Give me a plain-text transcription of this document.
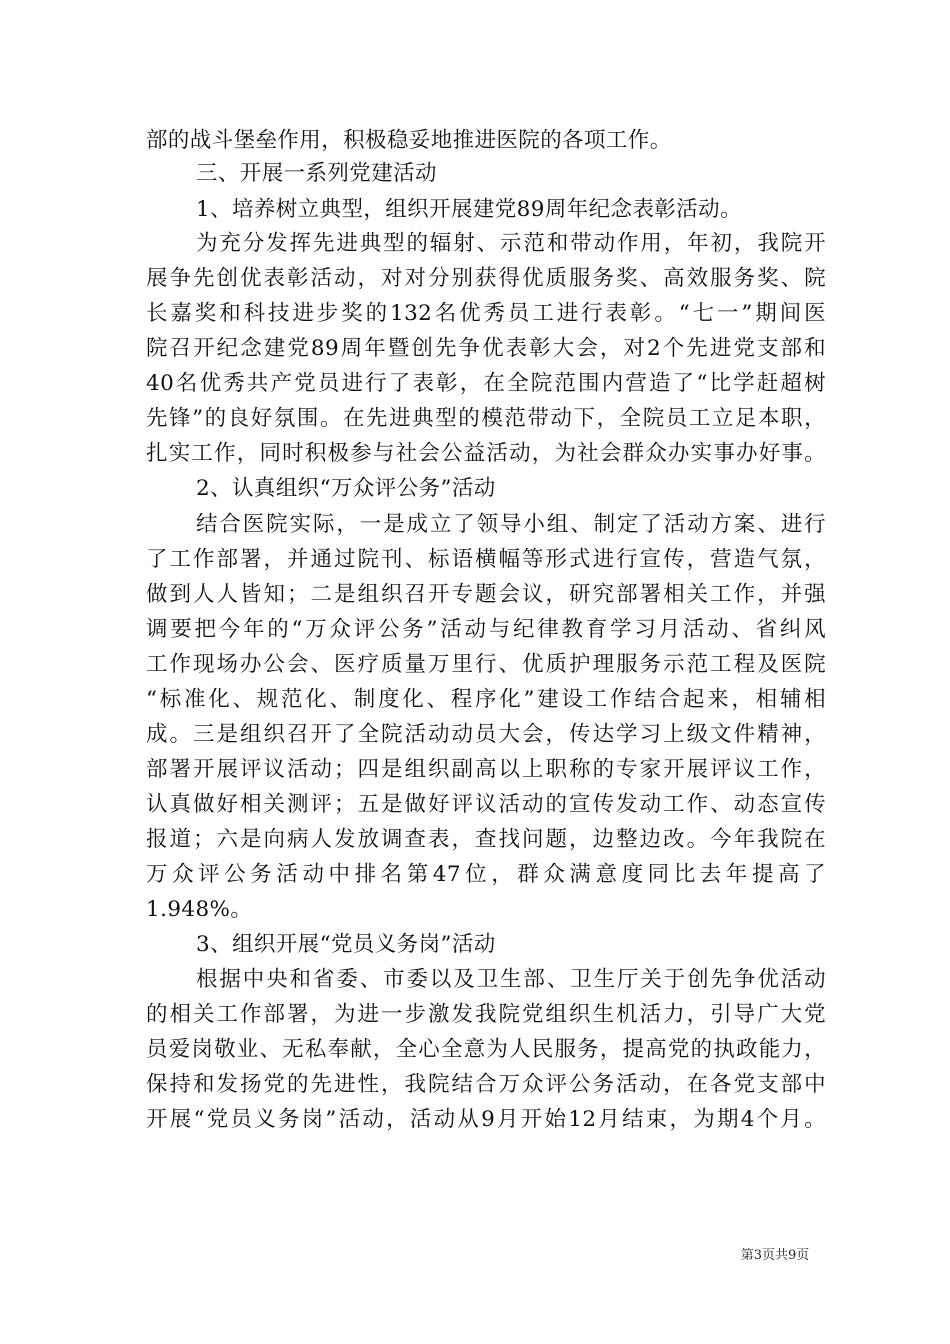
部的战斗堡垒作用，积极稳妥地推进医院的各项工作。
三、开展一系列党建活动
1、培养树立典型，组织开展建党89周年纪念表彰活动。
为充分发挥先进典型的辐射、示范和带动作用，年初，我院开
展争先创优表彰活动，对对分别获得优质服务奖、高效服务奖、院
长嘉奖和科技进步奖的132名优秀员工进行表彰。“七一”期间医
院召开纪念建党89周年暨创先争优表彰大会，对2个先进党支部和
40名优秀共产党员进行了表彰，在全院范围内营造了“比学赶超树
先锋”的良好氛围。在先进典型的模范带动下，全院员工立足本职，
扎实工作，同时积极参与社会公益活动，为社会群众办实事办好事。
2、认真组织“万众评公务”活动
结合医院实际，一是成立了领导小组、制定了活动方案、进行
了工作部署，并通过院刊、标语横幅等形式进行宣传，营造气氛，
做到人人皆知；二是组织召开专题会议，研究部署相关工作，并强
调要把今年的“万众评公务”活动与纪律教育学习月活动、省纠风
工作现场办公会、医疗质量万里行、优质护理服务示范工程及医院
“标准化、规范化、制度化、程序化”建设工作结合起来，相辅相
成。三是组织召开了全院活动动员大会，传达学习上级文件精神，
部署开展评议活动；四是组织副高以上职称的专家开展评议工作，
认真做好相关测评；五是做好评议活动的宣传发动工作、动态宣传
报道；六是向病人发放调查表，查找问题，边整边改。今年我院在
万众评公务活动中排名第47位，群众满意度同比去年提高了
1.948%。
3、组织开展“党员义务岗”活动
根据中央和省委、市委以及卫生部、卫生厅关于创先争优活动
的相关工作部署，为进一步激发我院党组织生机活力，引导广大党
员爱岗敬业、无私奉献，全心全意为人民服务，提高党的执政能力，
保持和发扬党的先进性，我院结合万众评公务活动，在各党支部中
开展“党员义务岗”活动，活动从9月开始12月结束，为期4个月。
第3页共9页
